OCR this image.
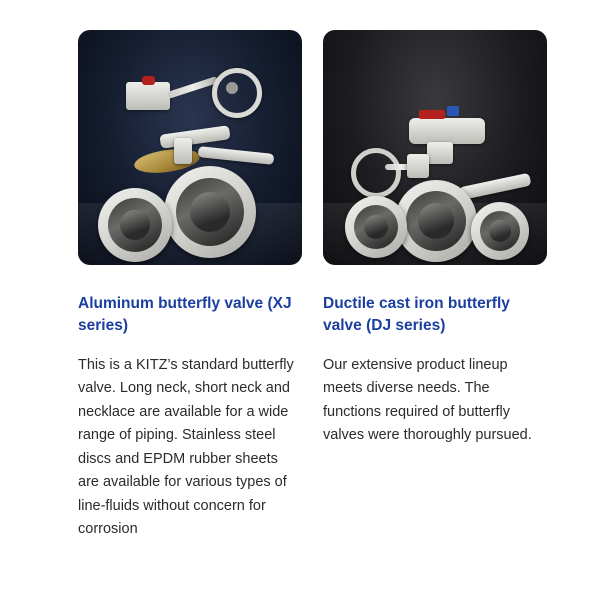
Aluminum butterfly valve (XJ series)
This is a KITZ’s standard butterfly valve. Long neck, short neck and necklace are available for a wide range of piping. Stainless steel discs and EPDM rubber sheets are available for various types of line-fluids without concern for corrosion
Ductile cast iron butterfly valve (DJ series)
Our extensive product lineup meets diverse needs. The functions required of butterfly valves were thoroughly pursued.
